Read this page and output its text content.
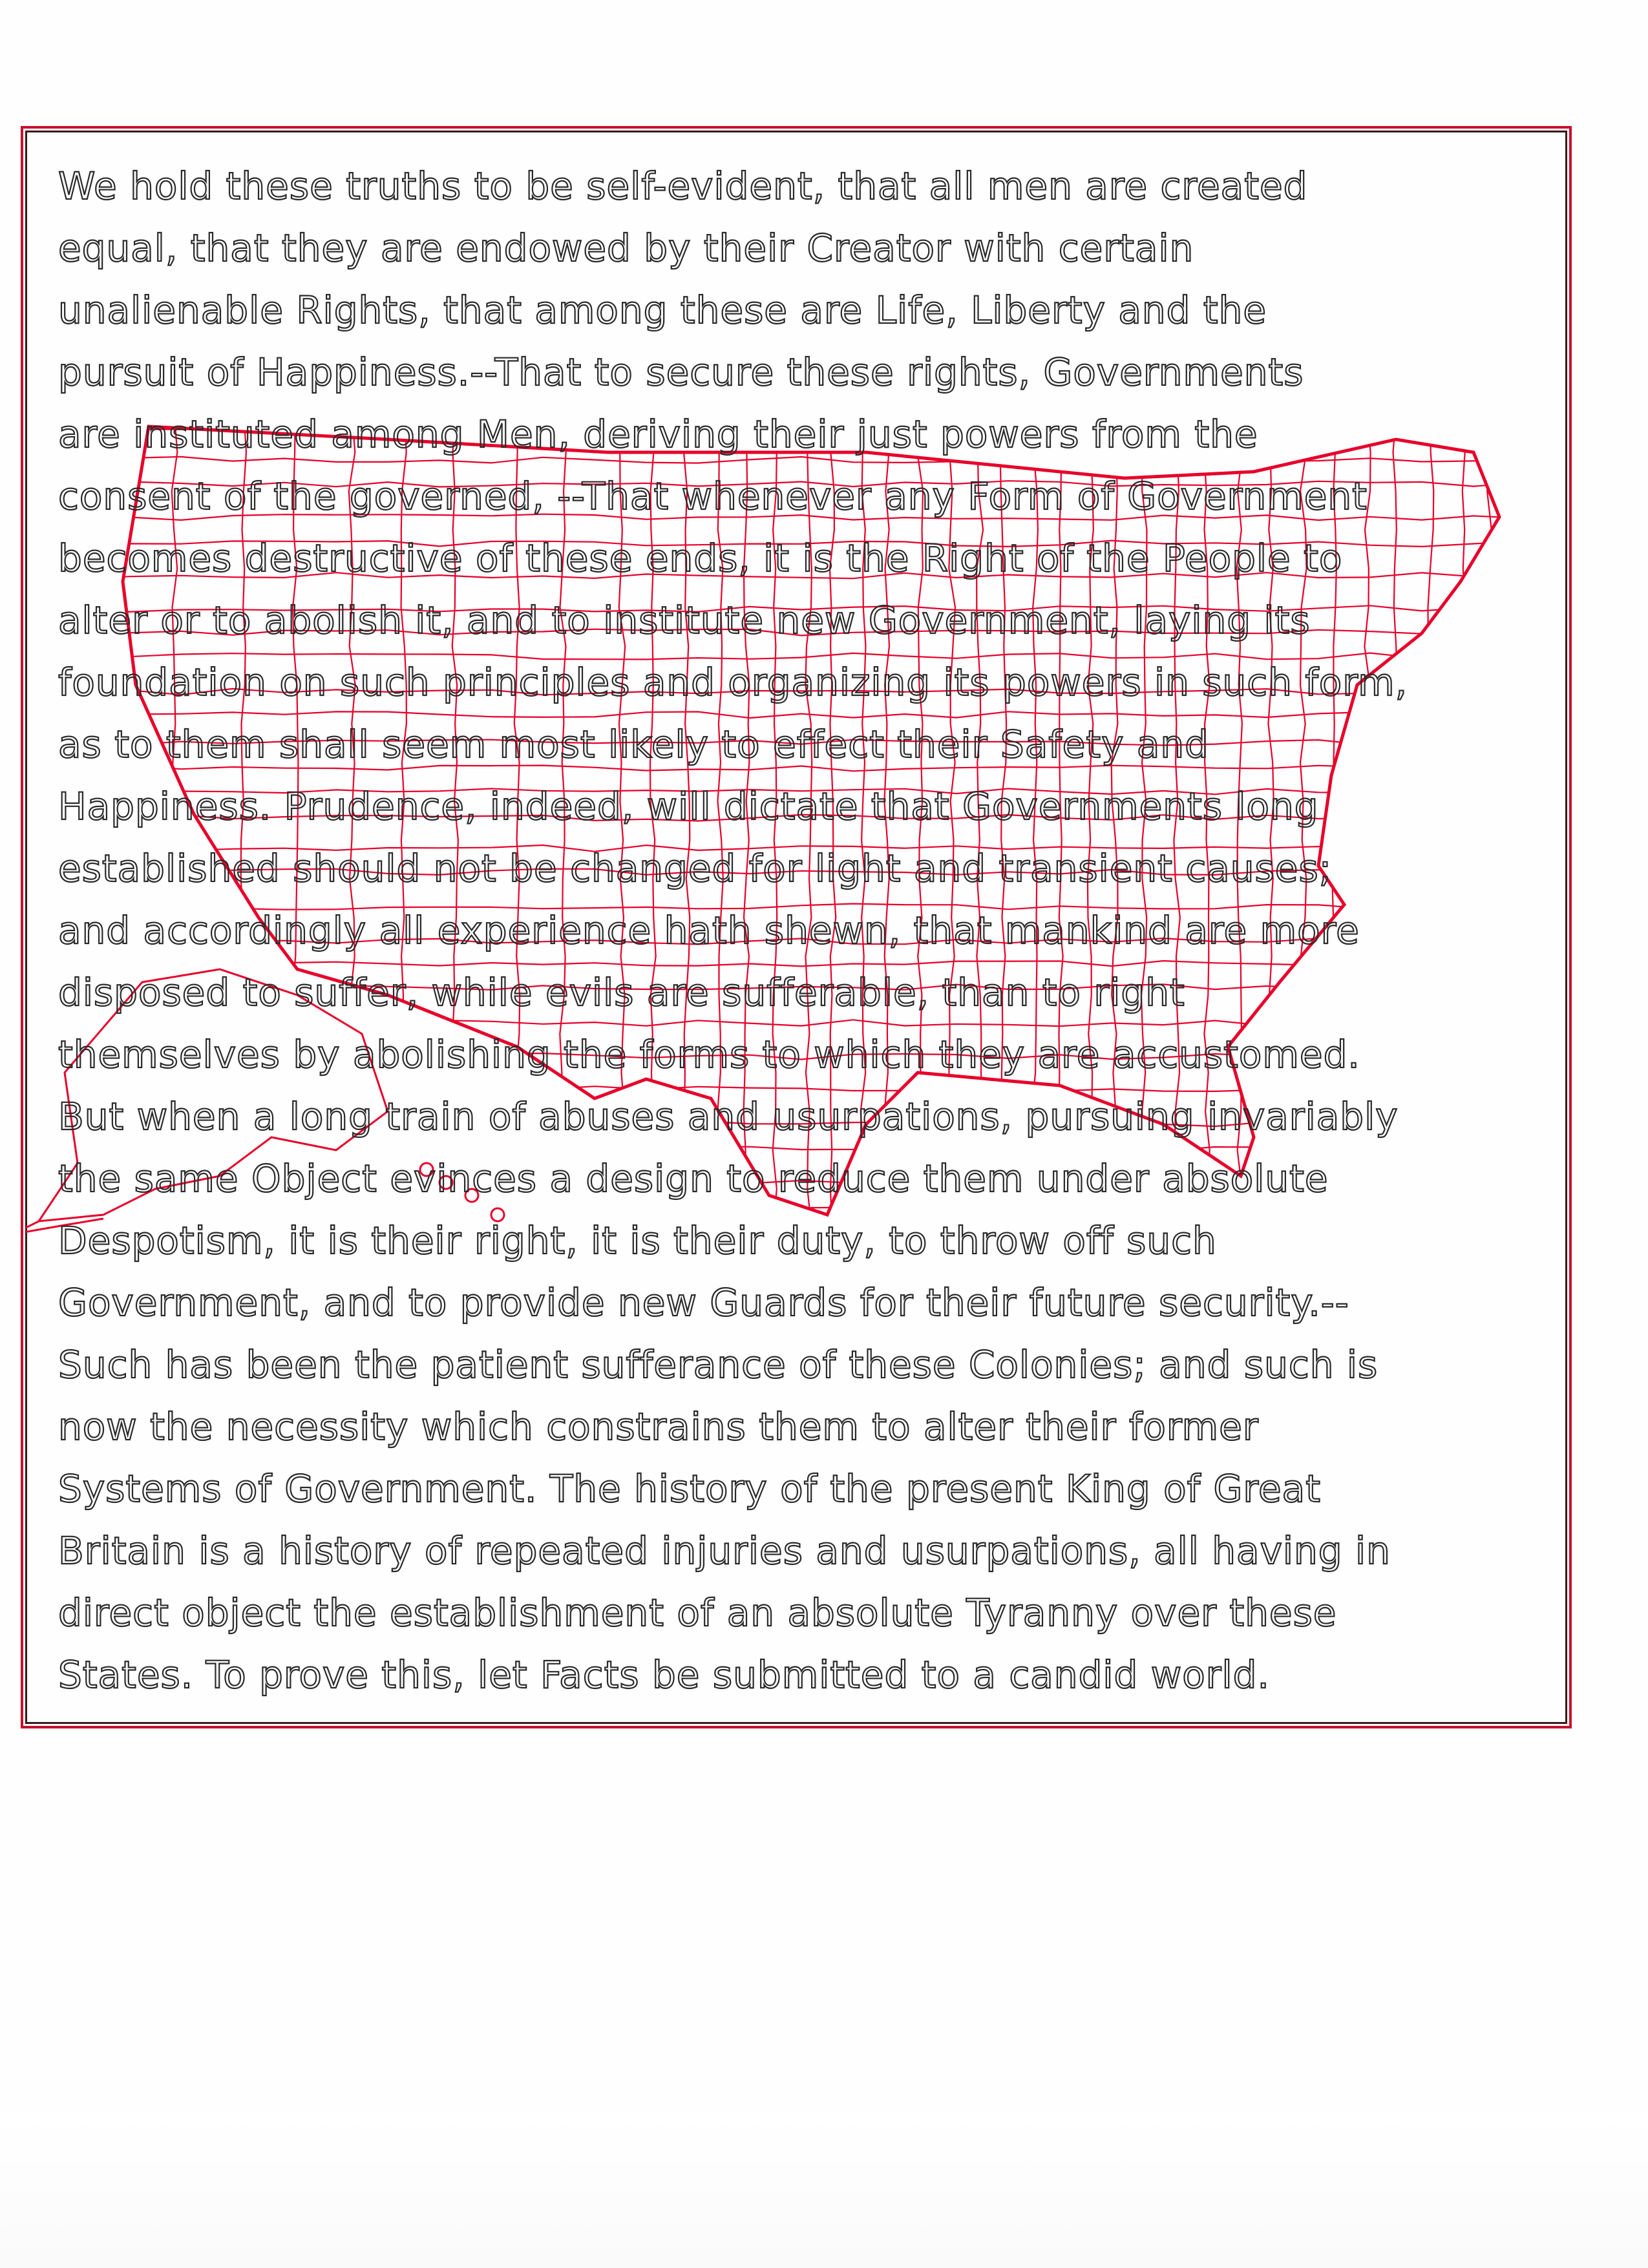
We hold these truths to be self-evident, that all men are created
equal, that they are endowed by their Creator with certain
unalienable Rights, that among these are Life, Liberty and the
pursuit of Happiness.--That to secure these rights, Governments
are instituted among Men, deriving their just powers from the
consent of the governed, --That whenever any Form of Government
becomes destructive of these ends, it is the Right of the People to
alter or to abolish it, and to institute new Government, laying its
foundation on such principles and organizing its powers in such form,
as to them shall seem most likely to effect their Safety and
Happiness. Prudence, indeed, will dictate that Governments long
established should not be changed for light and transient causes;
and accordingly all experience hath shewn, that mankind are more
disposed to suffer, while evils are sufferable, than to right
themselves by abolishing the forms to which they are accustomed.
But when a long train of abuses and usurpations, pursuing invariably
the same Object evinces a design to reduce them under absolute
Despotism, it is their right, it is their duty, to throw off such
Government, and to provide new Guards for their future security.--
Such has been the patient sufferance of these Colonies; and such is
now the necessity which constrains them to alter their former
Systems of Government. The history of the present King of Great
Britain is a history of repeated injuries and usurpations, all having in
direct object the establishment of an absolute Tyranny over these
States. To prove this, let Facts be submitted to a candid world.
